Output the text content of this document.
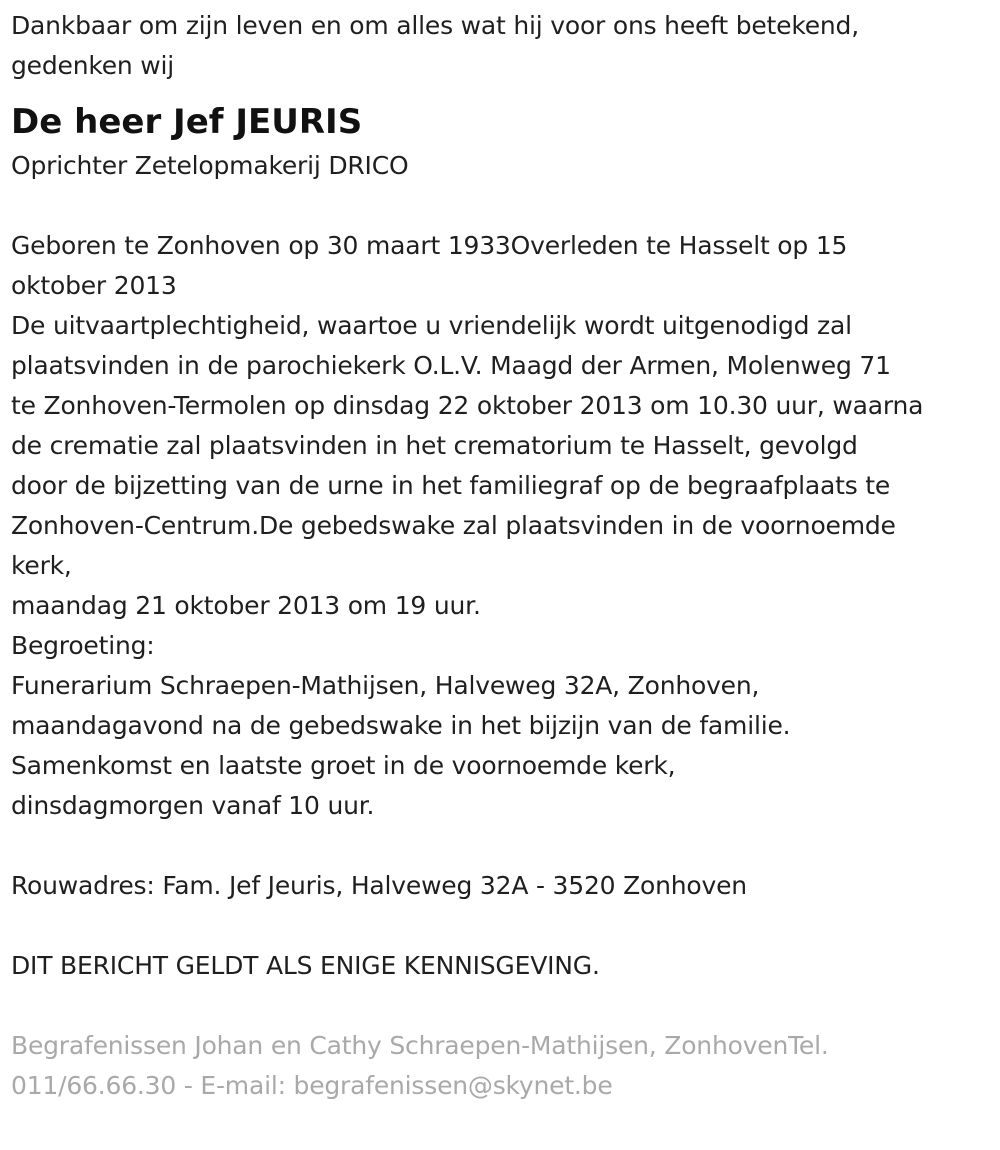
Dankbaar om zijn leven en om alles wat hij voor ons heeft betekend,
gedenken wij
De heer Jef JEURIS
Oprichter Zetelopmakerij DRICO
Geboren te Zonhoven op 30 maart 1933Overleden te Hasselt op 15
oktober 2013
De uitvaartplechtigheid, waartoe u vriendelijk wordt uitgenodigd zal
plaatsvinden in de parochiekerk O.L.V. Maagd der Armen, Molenweg 71
te Zonhoven-Termolen op dinsdag 22 oktober 2013 om 10.30 uur, waarna
de crematie zal plaatsvinden in het crematorium te Hasselt, gevolgd
door de bijzetting van de urne in het familiegraf op de begraafplaats te
Zonhoven-Centrum.De gebedswake zal plaatsvinden in de voornoemde
kerk,
maandag 21 oktober 2013 om 19 uur.
Begroeting:
Funerarium Schraepen-Mathijsen, Halveweg 32A, Zonhoven,
maandagavond na de gebedswake in het bijzijn van de familie.
Samenkomst en laatste groet in de voornoemde kerk,
dinsdagmorgen vanaf 10 uur.
Rouwadres: Fam. Jef Jeuris, Halveweg 32A - 3520 Zonhoven
DIT BERICHT GELDT ALS ENIGE KENNISGEVING.
Begrafenissen Johan en Cathy Schraepen-Mathijsen, ZonhovenTel.
011/66.66.30 - E-mail: begrafenissen@skynet.be
